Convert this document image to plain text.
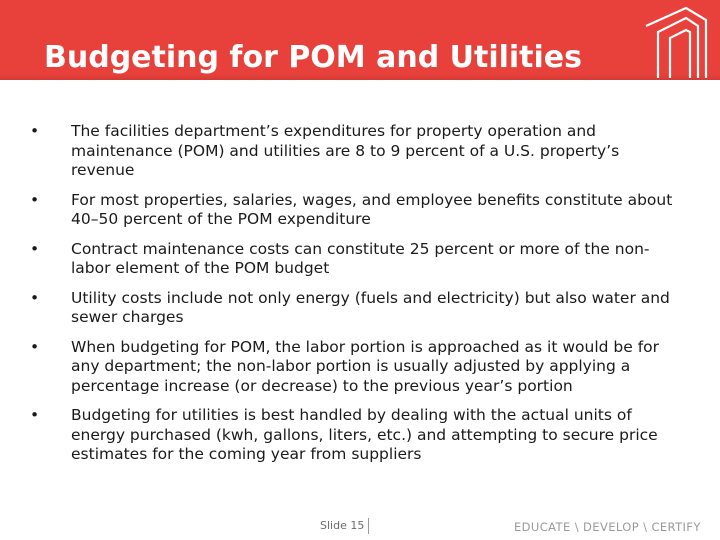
Budgeting for POM and Utilities
•	The facilities department’s expenditures for property operation and maintenance (POM) and utilities are 8 to 9 percent of a U.S. property’s revenue
•	For most properties, salaries, wages, and employee benefits constitute about 40–50 percent of the POM expenditure
•	Contract maintenance costs can constitute 25 percent or more of the non-labor element of the POM budget
•	Utility costs include not only energy (fuels and electricity) but also water and sewer charges
•	When budgeting for POM, the labor portion is approached as it would be for any department; the non-labor portion is usually adjusted by applying a percentage increase (or decrease) to the previous year’s portion
•	Budgeting for utilities is best handled by dealing with the actual units of energy purchased (kwh, gallons, liters, etc.) and attempting to secure price estimates for the coming year from suppliers
Slide 15	EDUCATE \ DEVELOP \ CERTIFY
